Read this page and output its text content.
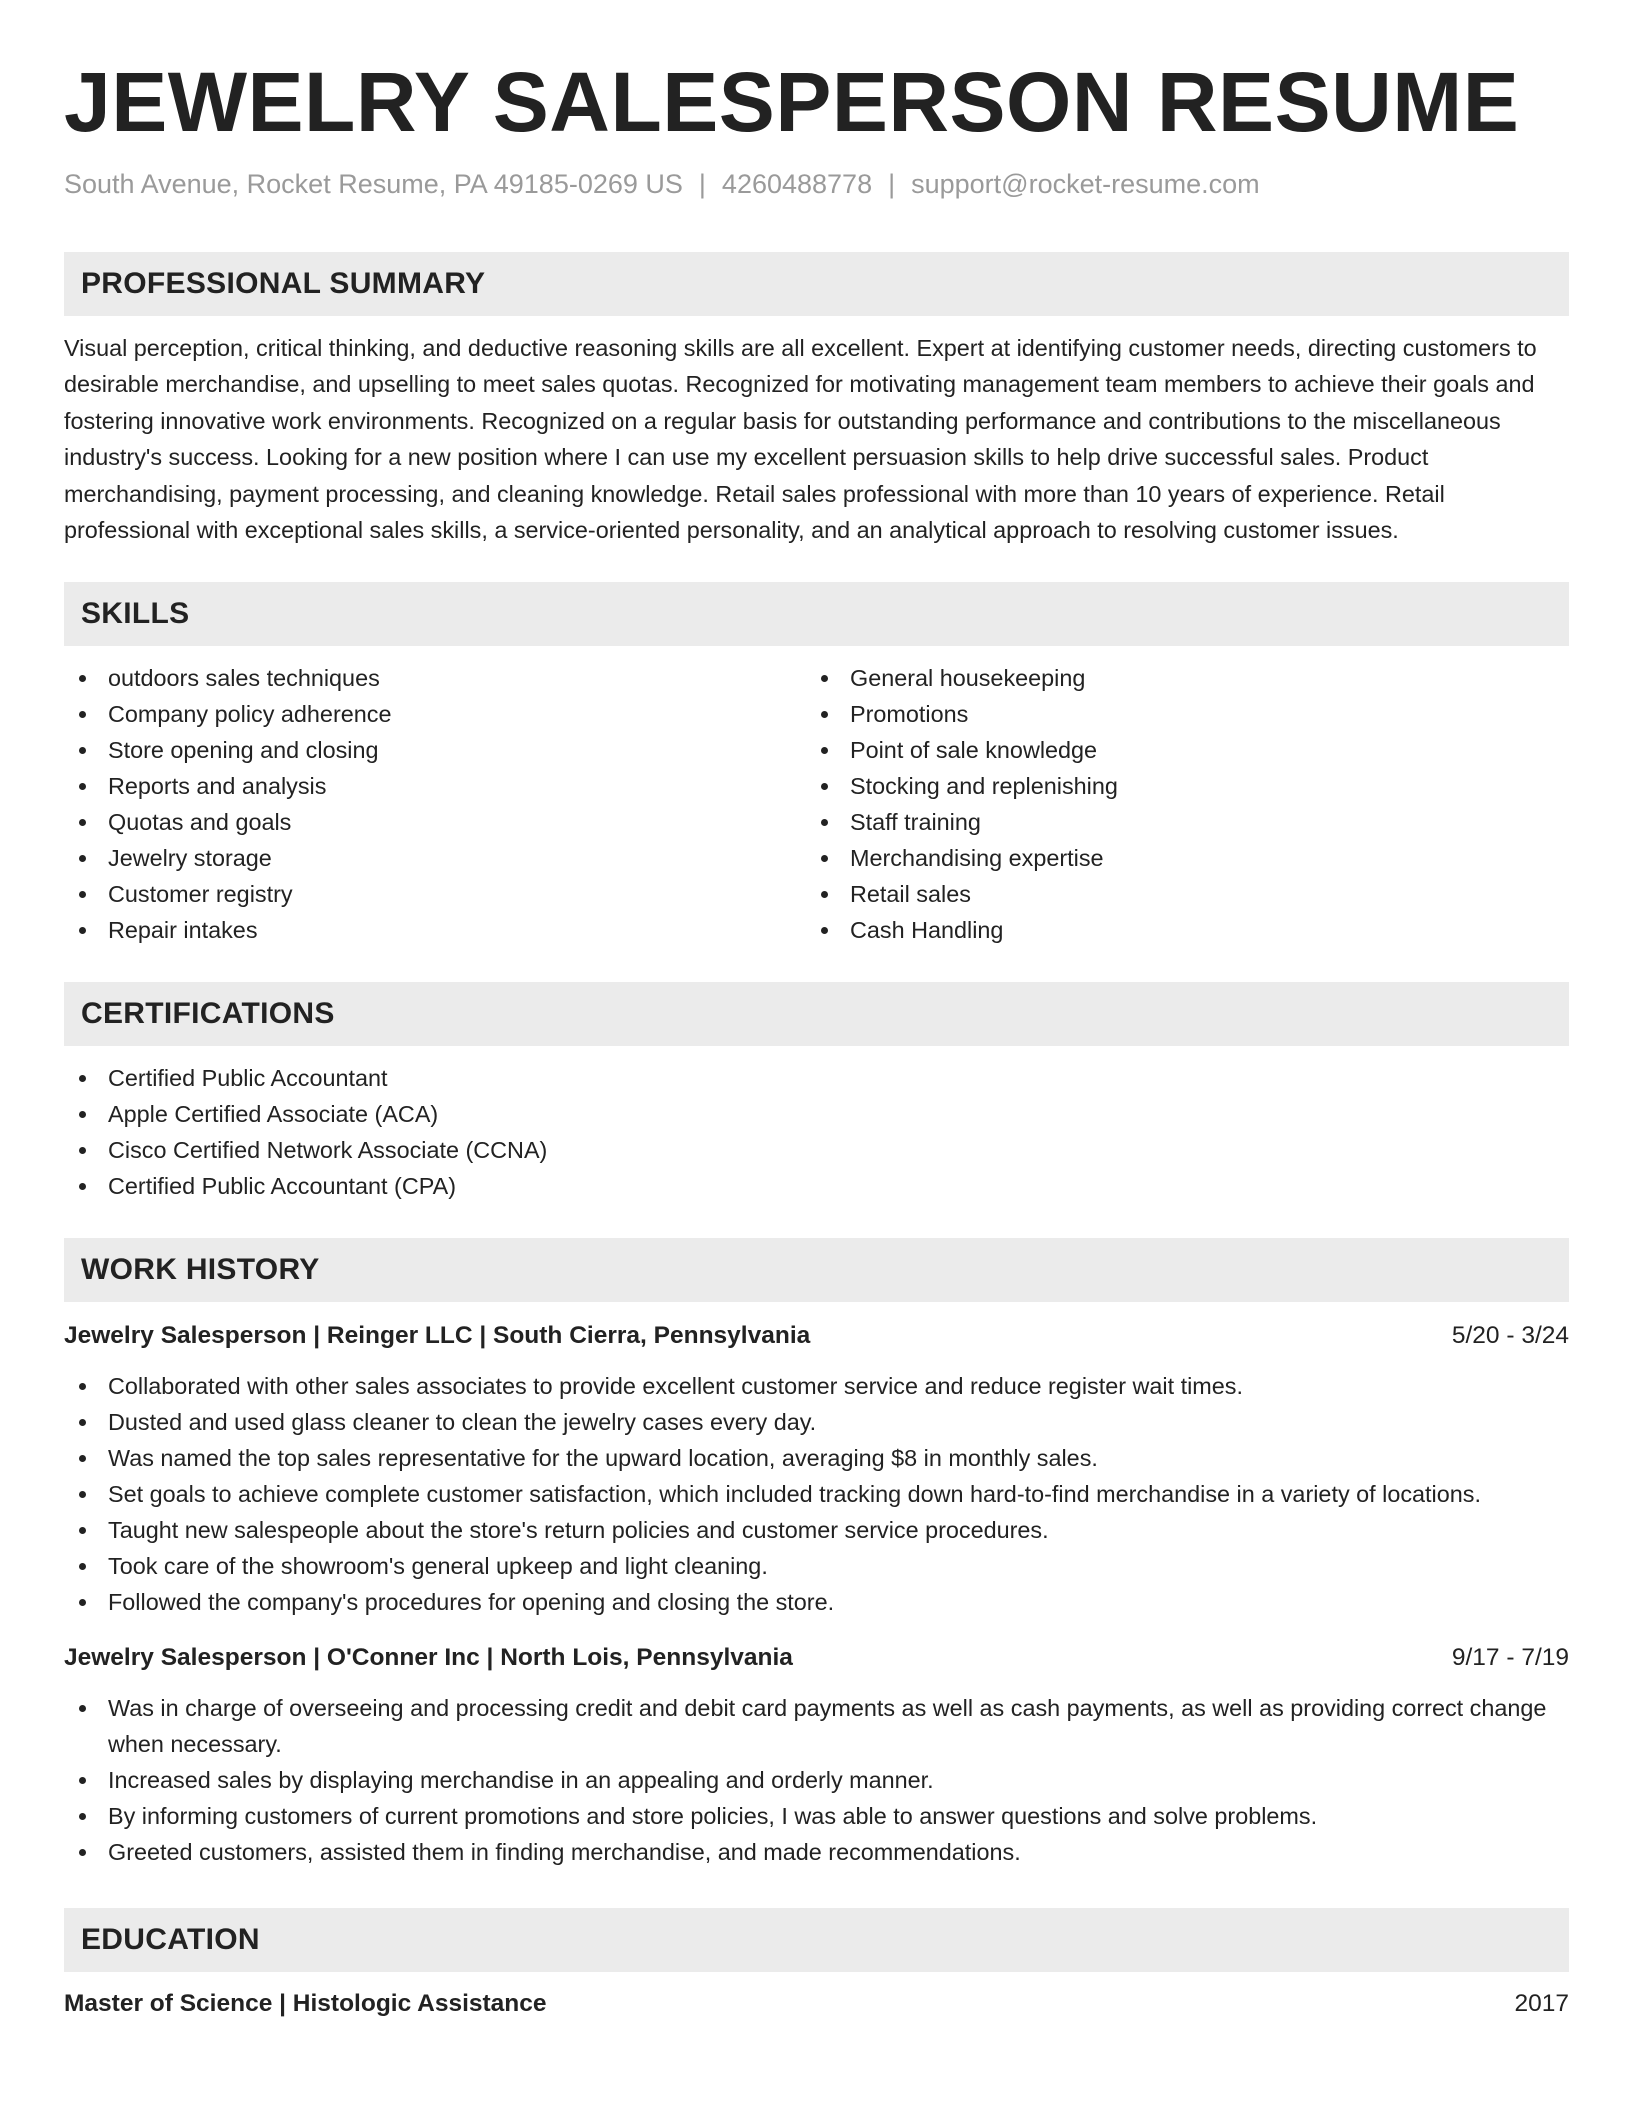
JEWELRY SALESPERSON RESUME
South Avenue, Rocket Resume, PA 49185-0269 US | 4260488778 | support@rocket-resume.com
PROFESSIONAL SUMMARY
Visual perception, critical thinking, and deductive reasoning skills are all excellent. Expert at identifying customer needs, directing customers to desirable merchandise, and upselling to meet sales quotas. Recognized for motivating management team members to achieve their goals and fostering innovative work environments. Recognized on a regular basis for outstanding performance and contributions to the miscellaneous industry's success. Looking for a new position where I can use my excellent persuasion skills to help drive successful sales. Product merchandising, payment processing, and cleaning knowledge. Retail sales professional with more than 10 years of experience. Retail professional with exceptional sales skills, a service-oriented personality, and an analytical approach to resolving customer issues.
SKILLS
outdoors sales techniques
Company policy adherence
Store opening and closing
Reports and analysis
Quotas and goals
Jewelry storage
Customer registry
Repair intakes
General housekeeping
Promotions
Point of sale knowledge
Stocking and replenishing
Staff training
Merchandising expertise
Retail sales
Cash Handling
CERTIFICATIONS
Certified Public Accountant
Apple Certified Associate (ACA)
Cisco Certified Network Associate (CCNA)
Certified Public Accountant (CPA)
WORK HISTORY
Jewelry Salesperson | Reinger LLC | South Cierra, Pennsylvania	5/20 - 3/24
Collaborated with other sales associates to provide excellent customer service and reduce register wait times.
Dusted and used glass cleaner to clean the jewelry cases every day.
Was named the top sales representative for the upward location, averaging $8 in monthly sales.
Set goals to achieve complete customer satisfaction, which included tracking down hard-to-find merchandise in a variety of locations.
Taught new salespeople about the store's return policies and customer service procedures.
Took care of the showroom's general upkeep and light cleaning.
Followed the company's procedures for opening and closing the store.
Jewelry Salesperson | O'Conner Inc | North Lois, Pennsylvania	9/17 - 7/19
Was in charge of overseeing and processing credit and debit card payments as well as cash payments, as well as providing correct change when necessary.
Increased sales by displaying merchandise in an appealing and orderly manner.
By informing customers of current promotions and store policies, I was able to answer questions and solve problems.
Greeted customers, assisted them in finding merchandise, and made recommendations.
EDUCATION
Master of Science | Histologic Assistance	2017
